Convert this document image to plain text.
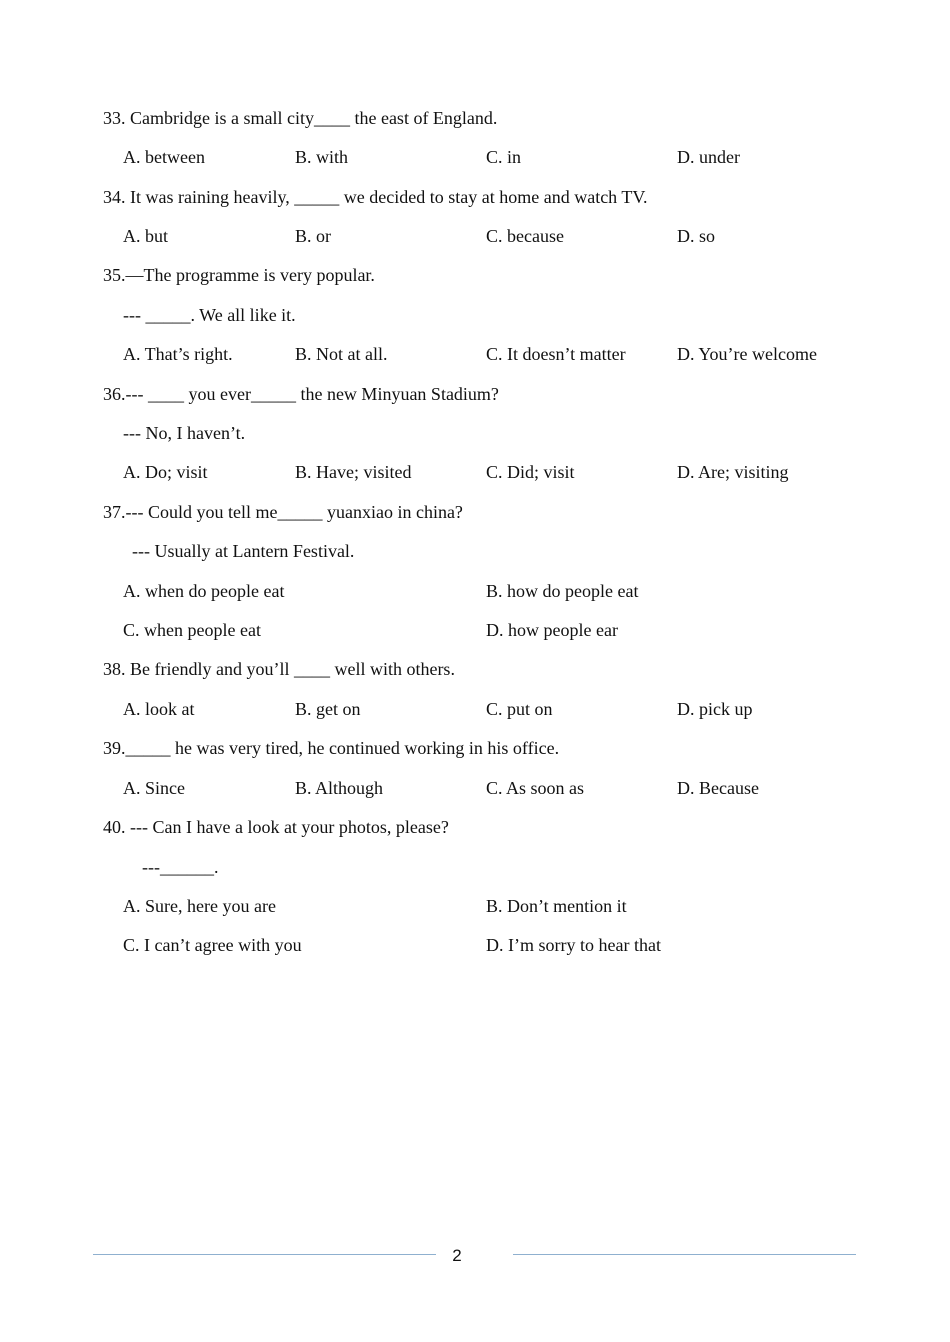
33. Cambridge is a small city____ the east of England.
A. between	B. with	C. in	D. under
34. It was raining heavily, _____ we decided to stay at home and watch TV.
A. but	B. or	C. because	D. so
35.—The programme is very popular.
--- _____. We all like it.
A. That’s right.	B. Not at all.	C. It doesn’t matter	D. You’re welcome
36.--- ____ you ever_____ the new Minyuan Stadium?
--- No, I haven’t.
A. Do; visit	B. Have; visited	C. Did; visit	D. Are; visiting
37.--- Could you tell me_____ yuanxiao in china?
--- Usually at Lantern Festival.
A. when do people eat	B. how do people eat
C. when people eat	D. how people ear
38. Be friendly and you’ll ____ well with others.
A. look at	B. get on	C. put on	D. pick up
39._____ he was very tired, he continued working in his office.
A. Since	B. Although	C. As soon as	D. Because
40. --- Can I have a look at your photos, please?
---______.
A. Sure, here you are	B. Don’t mention it
C. I can’t agree with you	D. I’m sorry to hear that
2
